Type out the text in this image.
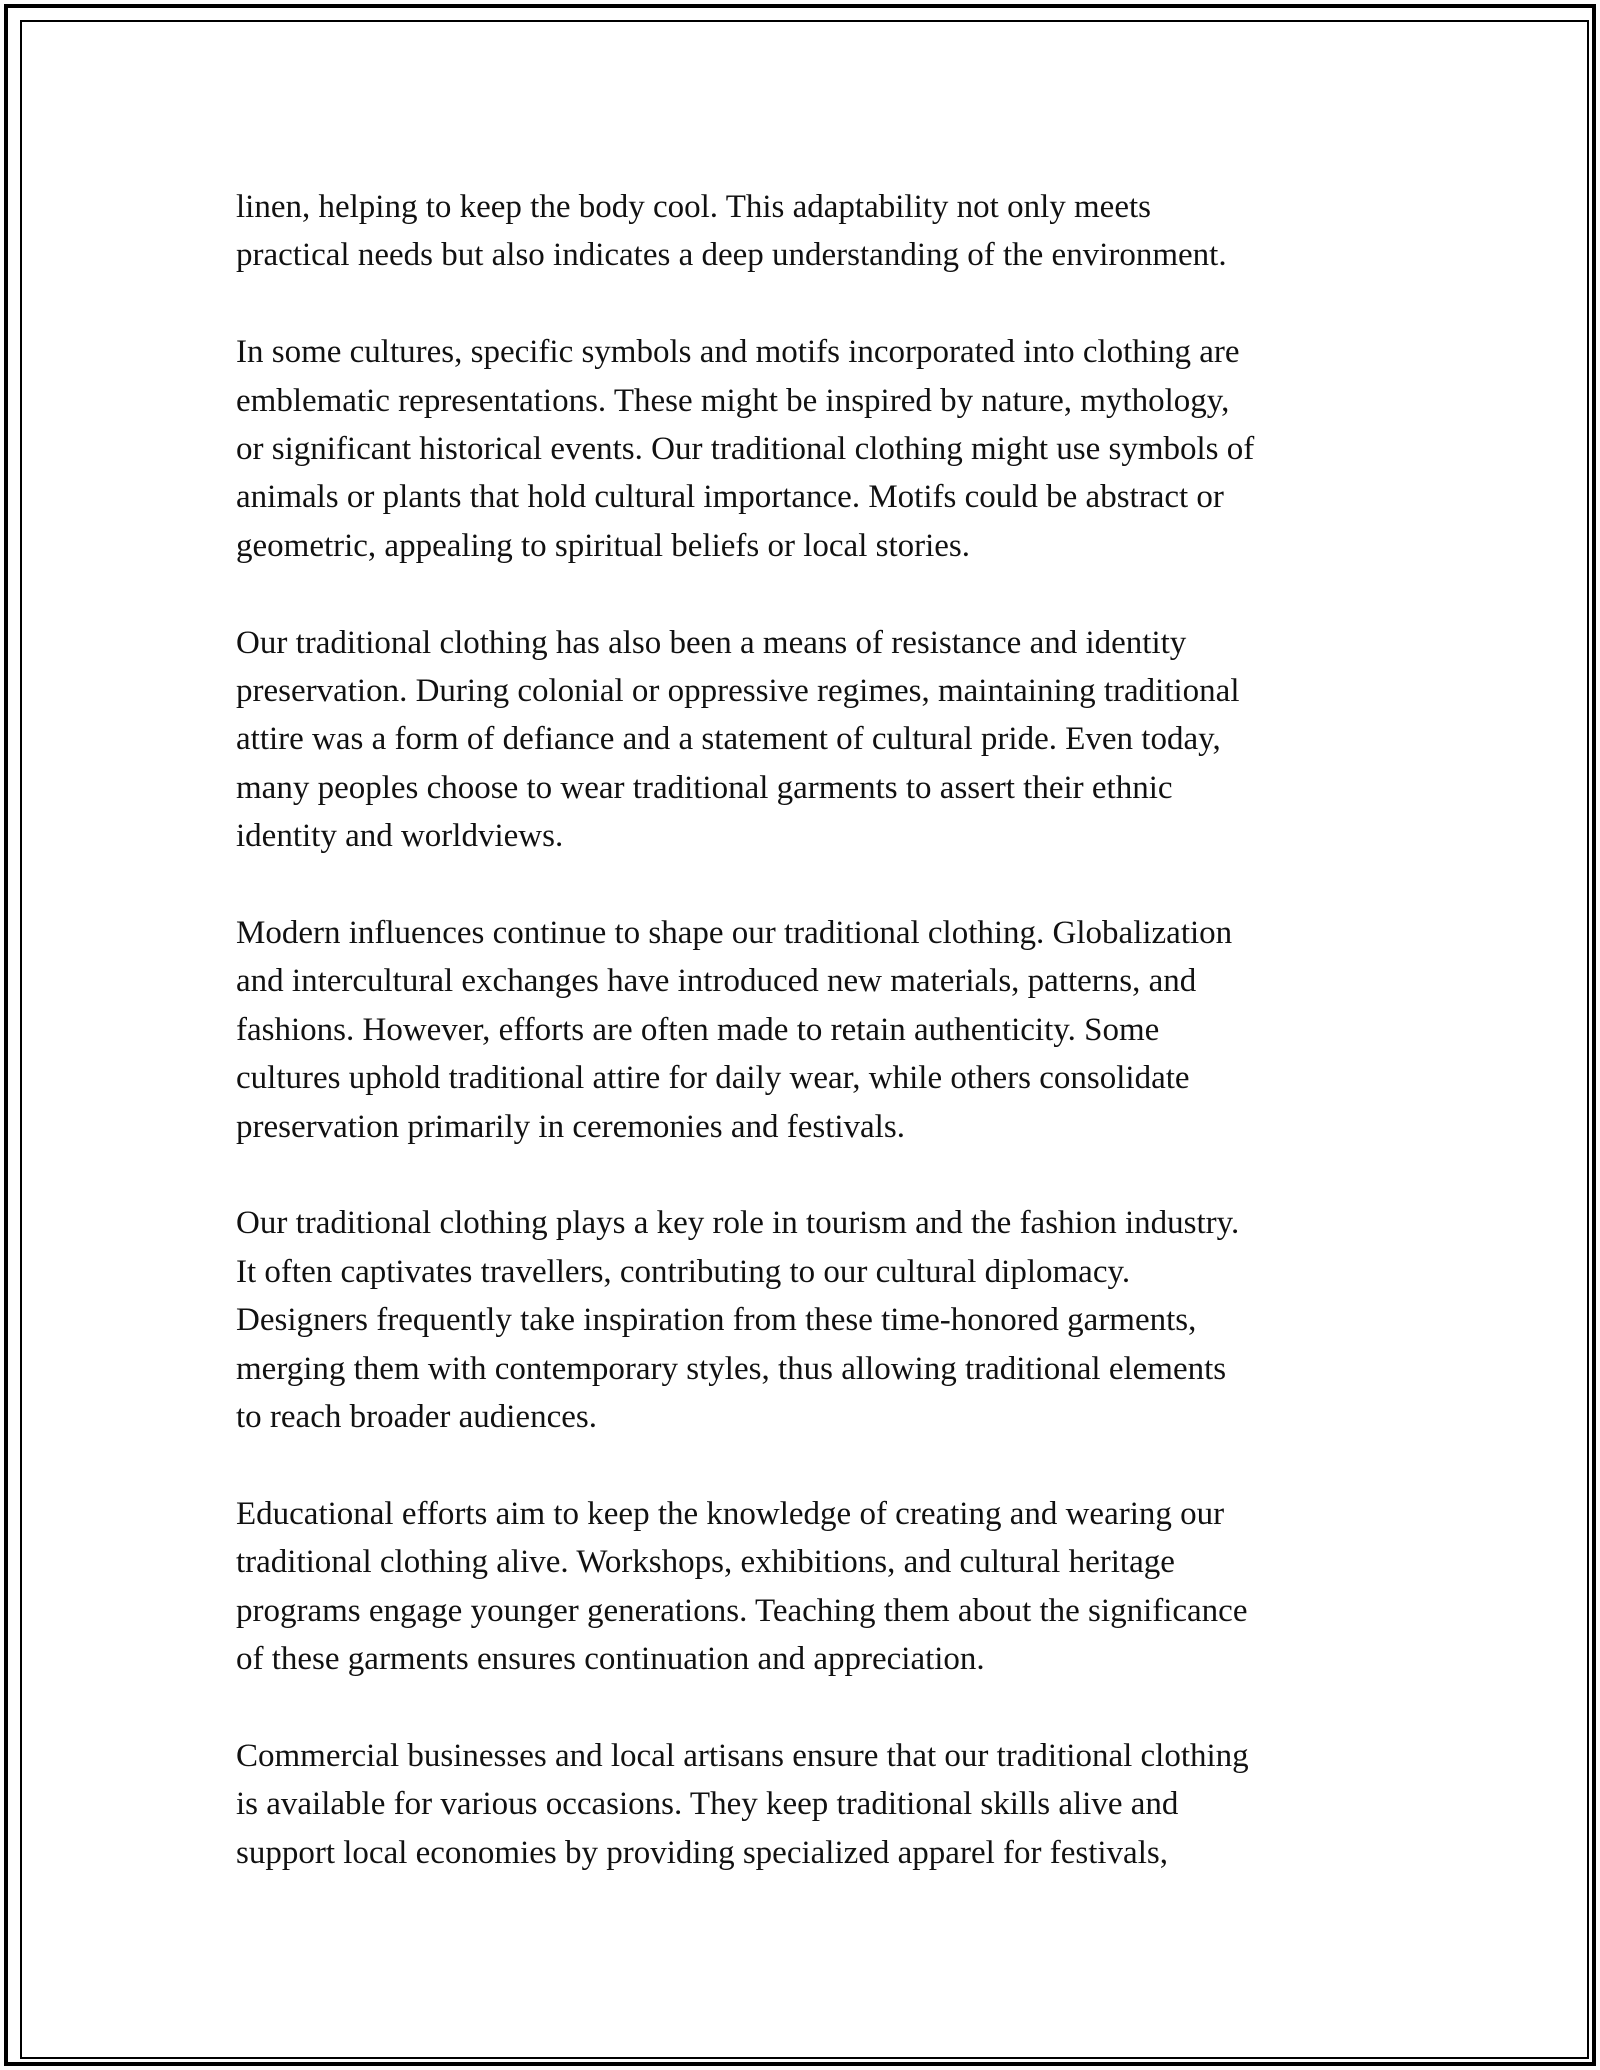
linen, helping to keep the body cool. This adaptability not only meets
practical needs but also indicates a deep understanding of the environment.

In some cultures, specific symbols and motifs incorporated into clothing are
emblematic representations. These might be inspired by nature, mythology,
or significant historical events. Our traditional clothing might use symbols of
animals or plants that hold cultural importance. Motifs could be abstract or
geometric, appealing to spiritual beliefs or local stories.

Our traditional clothing has also been a means of resistance and identity
preservation. During colonial or oppressive regimes, maintaining traditional
attire was a form of defiance and a statement of cultural pride. Even today,
many peoples choose to wear traditional garments to assert their ethnic
identity and worldviews.

Modern influences continue to shape our traditional clothing. Globalization
and intercultural exchanges have introduced new materials, patterns, and
fashions. However, efforts are often made to retain authenticity. Some
cultures uphold traditional attire for daily wear, while others consolidate
preservation primarily in ceremonies and festivals.

Our traditional clothing plays a key role in tourism and the fashion industry.
It often captivates travellers, contributing to our cultural diplomacy.
Designers frequently take inspiration from these time-honored garments,
merging them with contemporary styles, thus allowing traditional elements
to reach broader audiences.

Educational efforts aim to keep the knowledge of creating and wearing our
traditional clothing alive. Workshops, exhibitions, and cultural heritage
programs engage younger generations. Teaching them about the significance
of these garments ensures continuation and appreciation.

Commercial businesses and local artisans ensure that our traditional clothing
is available for various occasions. They keep traditional skills alive and
support local economies by providing specialized apparel for festivals,
